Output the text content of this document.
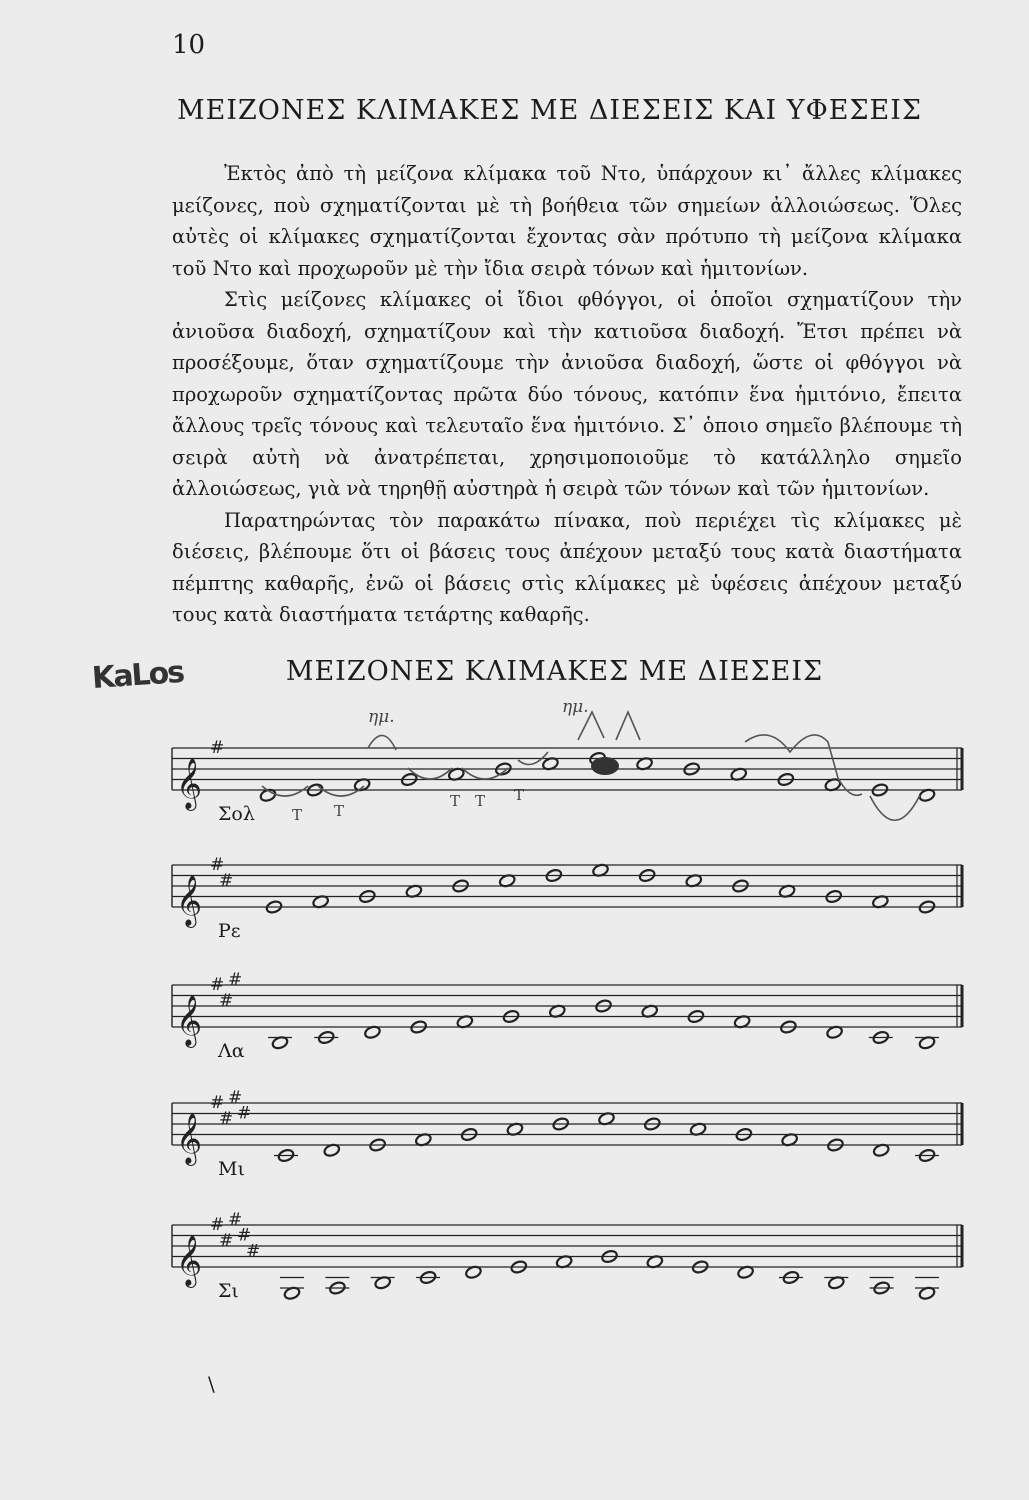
10
ΜΕΙΖΟΝΕΣ ΚΛΙΜΑΚΕΣ ΜΕ ΔΙΕΣΕΙΣ ΚΑΙ ΥΦΕΣΕΙΣ

Ἐκτὸς ἀπὸ τὴ μείζονα κλίμακα τοῦ Ντο, ὑπάρχουν κι᾽ ἄλλες κλίμακες μείζονες, ποὺ σχηματίζονται μὲ τὴ βοήθεια τῶν σημείων ἀλλοιώσεως. Ὅλες αὐτὲς οἱ κλίμακες σχηματίζονται ἔχοντας σὰν πρότυπο τὴ μείζονα κλίμακα τοῦ Ντο καὶ προχωροῦν μὲ τὴν ἴδια σειρὰ τόνων καὶ ἡμιτονίων.

Στὶς μείζονες κλίμακες οἱ ἴδιοι φθόγγοι, οἱ ὁποῖοι σχηματίζουν τὴν ἀνιοῦσα διαδοχή, σχηματίζουν καὶ τὴν κατιοῦσα διαδοχή. Ἔτσι πρέπει νὰ προσέξουμε, ὅταν σχηματίζουμε τὴν ἀνιοῦσα διαδοχή, ὥστε οἱ φθόγγοι νὰ προχωροῦν σχηματίζοντας πρῶτα δύο τόνους, κατόπιν ἕνα ἡμιτόνιο, ἔπειτα ἄλλους τρεῖς τόνους καὶ τελευταῖο ἕνα ἡμιτόνιο. Σ᾽ ὁποιο σημεῖο βλέπουμε τὴ σειρὰ αὐτὴ νὰ ἀνατρέπεται, χρησιμοποιοῦμε τὸ κατάλληλο σημεῖο ἀλλοιώσεως, γιὰ νὰ τηρηθῇ αὐστηρὰ ἡ σειρὰ τῶν τόνων καὶ τῶν ἡμιτονίων.

Παρατηρώντας τὸν παρακάτω πίνακα, ποὺ περιέχει τὶς κλίμακες μὲ διέσεις, βλέπουμε ὅτι οἱ βάσεις τους ἀπέχουν μεταξύ τους κατὰ διαστήματα πέμπτης καθαρῆς, ἐνῶ οἱ βάσεις στὶς κλίμακες μὲ ὑφέσεις ἀπέχουν μεταξύ τους κατὰ διαστήματα τετάρτης καθαρῆς.

KaLos	ΜΕΙΖΟΝΕΣ ΚΛΙΜΑΚΕΣ ΜΕ ΔΙΕΣΕΙΣ
𝄞
#
𝄞
#
#
𝄞
#
#
#
𝄞
#
#
#
#
𝄞
#
#
#
#
#
Σολ
Ρε
Λα
Μι
Σι
ημ.	ημ.
T T
T T T
\
